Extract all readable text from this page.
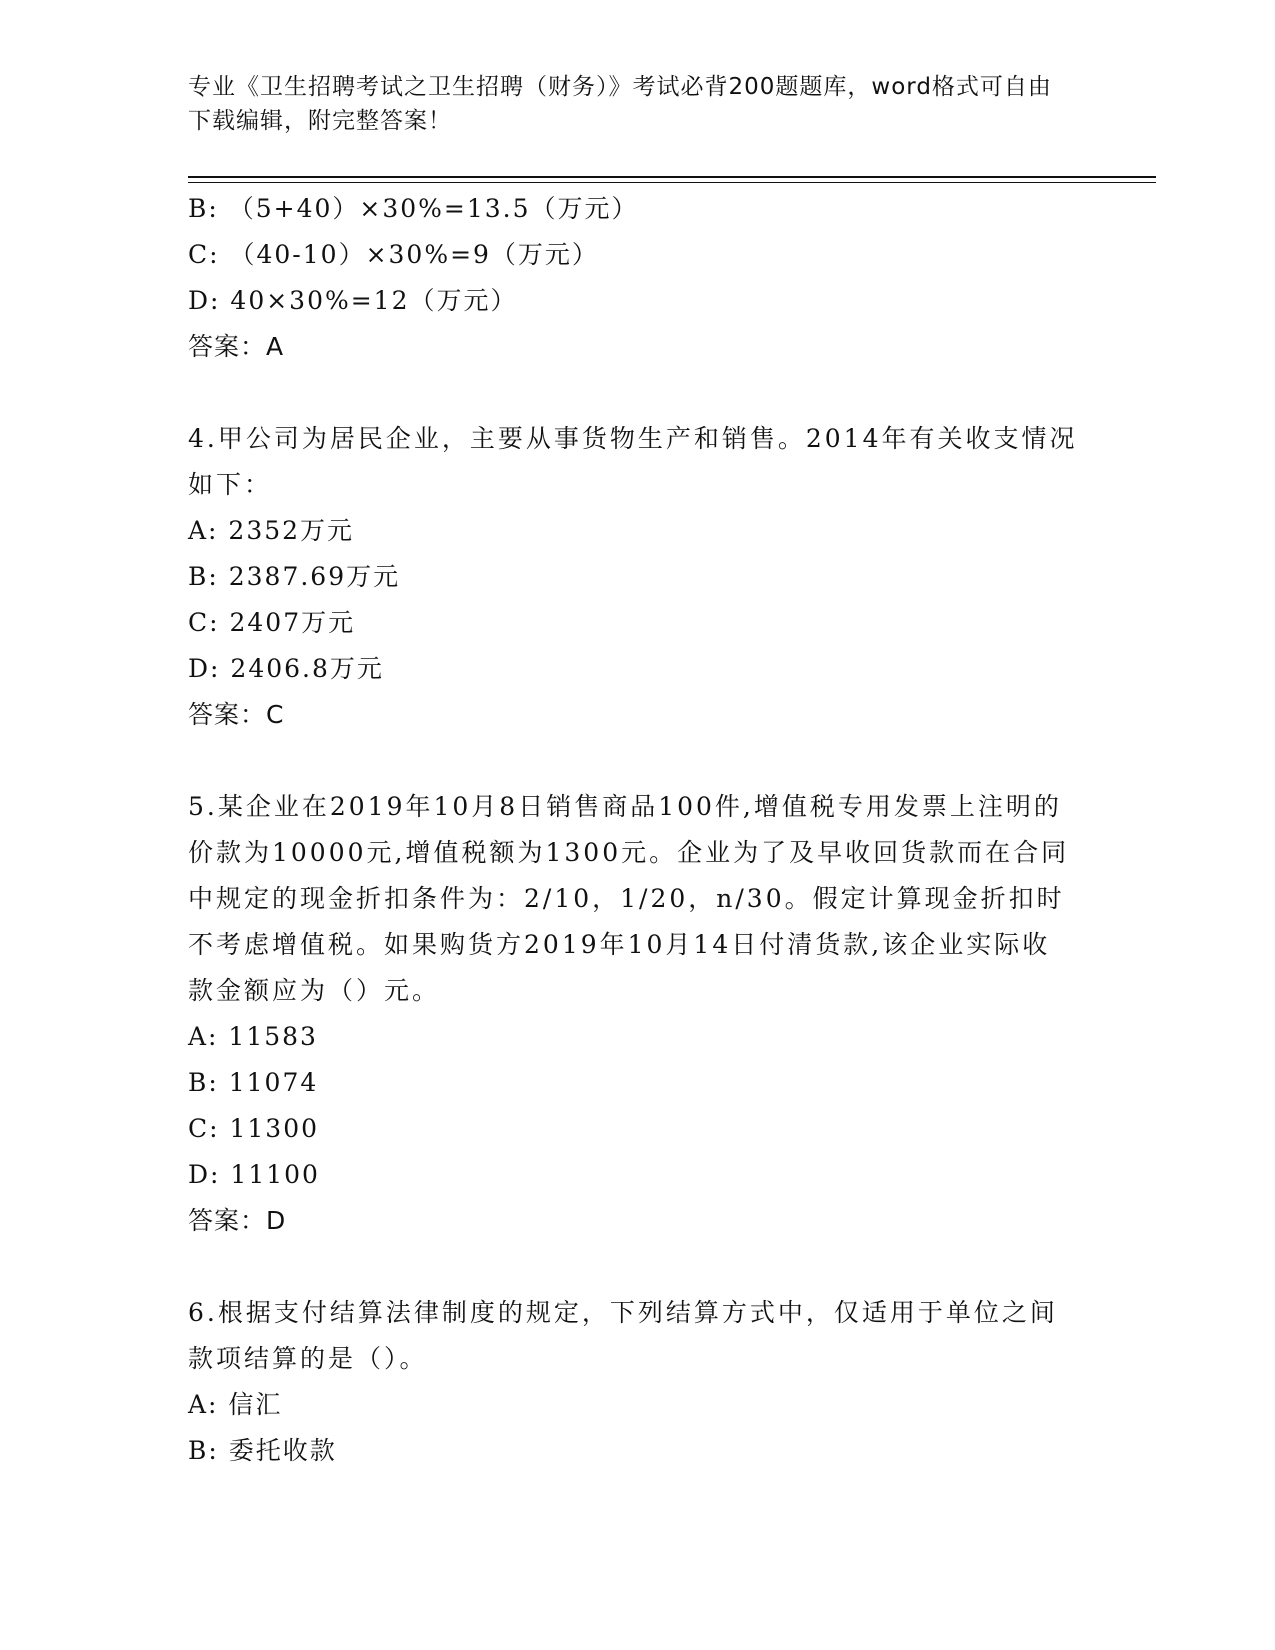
专业《卫生招聘考试之卫生招聘（财务）》考试必背200题题库，word格式可自由下载编辑，附完整答案！
B: （5+40）×30%=13.5（万元）
C: （40-10）×30%=9（万元）
D: 40×30%=12（万元）
答案：A
4.甲公司为居民企业，主要从事货物生产和销售。2014年有关收支情况如下：
A: 2352万元
B: 2387.69万元
C: 2407万元
D: 2406.8万元
答案：C
5.某企业在2019年10月8日销售商品100件,增值税专用发票上注明的价款为10000元,增值税额为1300元。企业为了及早收回货款而在合同中规定的现金折扣条件为：2/10，1/20，n/30。假定计算现金折扣时不考虑增值税。如果购货方2019年10月14日付清货款,该企业实际收款金额应为（）元。
A: 11583
B: 11074
C: 11300
D: 11100
答案：D
6.根据支付结算法律制度的规定，下列结算方式中，仅适用于单位之间款项结算的是（）。
A: 信汇
B: 委托收款
